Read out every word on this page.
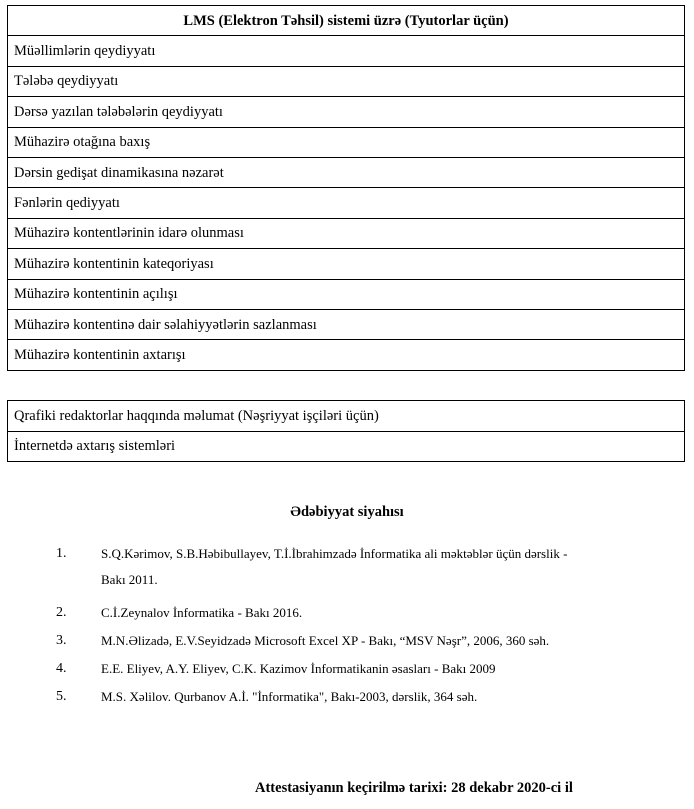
LMS (Elektron Təhsil) sistemi üzrə (Tyutorlar üçün)
Müəllimlərin qeydiyyatı
Tələbə qeydiyyatı
Dərsə yazılan tələbələrin qeydiyyatı
Mühazirə otağına baxış
Dərsin gedişat dinamikasına nəzarət
Fənlərin qediyyatı
Mühazirə kontentlərinin idarə olunması
Mühazirə kontentinin kateqoriyası
Mühazirə kontentinin açılışı
Mühazirə kontentinə dair səlahiyyətlərin sazlanması
Mühazirə kontentinin axtarışı
Qrafiki redaktorlar haqqında məlumat (Nəşriyyat işçiləri üçün)
İnternetdə axtarış sistemləri
Ədəbiyyat siyahısı
1.	S.Q.Kərimov, S.B.Həbibullayev, T.İ.İbrahimzadə İnformatika ali məktəblər üçün dərslik -
Bakı 2011.
2.	C.İ.Zeynalov İnformatika - Bakı 2016.
3.	M.N.Əlizadə, E.V.Seyidzadə Microsoft Excel XP - Bakı, “MSV Nəşr”, 2006, 360 səh.
4.	E.E. Eliyev, A.Y. Eliyev, C.K. Kazimov İnformatikanin əsasları - Bakı 2009
5.	M.S. Xəlilov. Qurbanov A.İ. "İnformatika", Bakı-2003, dərslik, 364 səh.
Attestasiyanın keçirilmə tarixi: 28 dekabr 2020-ci il
